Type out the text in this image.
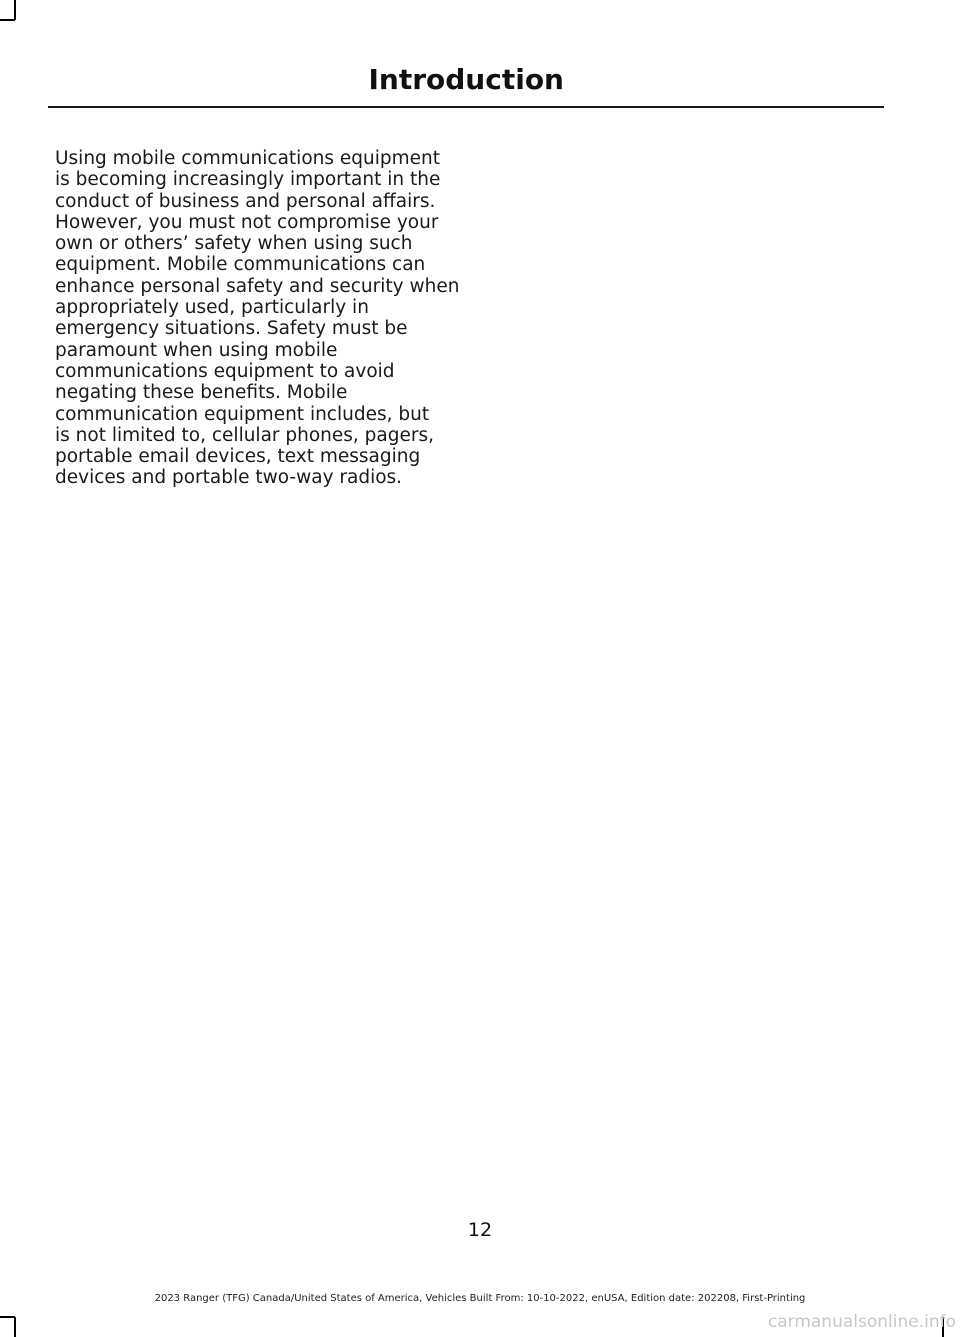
Introduction
Using mobile communications equipment
is becoming increasingly important in the
conduct of business and personal affairs.
However, you must not compromise your
own or others’ safety when using such
equipment. Mobile communications can
enhance personal safety and security when
appropriately used, particularly in
emergency situations. Safety must be
paramount when using mobile
communications equipment to avoid
negating these benefits. Mobile
communication equipment includes, but
is not limited to, cellular phones, pagers,
portable email devices, text messaging
devices and portable two-way radios.
12
2023 Ranger (TFG) Canada/United States of America, Vehicles Built From: 10-10-2022, enUSA, Edition date: 202208, First-Printing
carmanualsonline.info
